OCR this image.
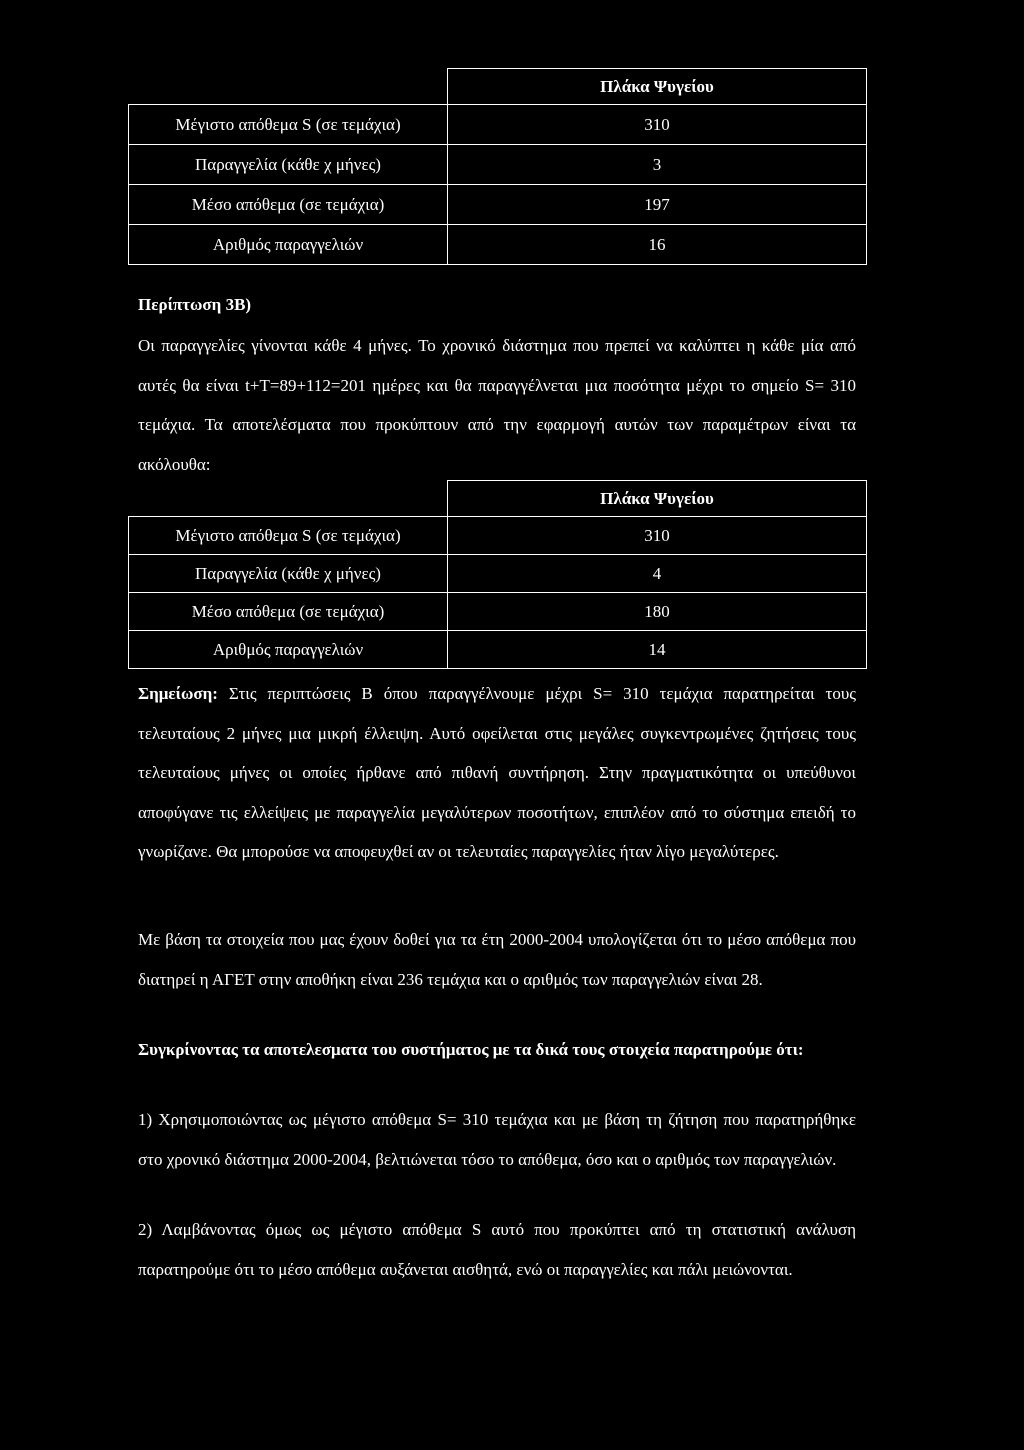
	Πλάκα Ψυγείου
Μέγιστο απόθεμα S (σε τεμάχια)	310
Παραγγελία (κάθε χ μήνες)	3
Μέσο απόθεμα (σε τεμάχια)	197
Αριθμός παραγγελιών	16

Περίπτωση 3Β)

Οι παραγγελίες γίνονται κάθε 4 μήνες. Το χρονικό διάστημα που πρεπεί να καλύπτει η κάθε μία από αυτές θα είναι t+T=89+112=201 ημέρες και θα παραγγέλνεται μια ποσότητα μέχρι το σημείο S= 310 τεμάχια. Τα αποτελέσματα που προκύπτουν από την εφαρμογή αυτών των παραμέτρων είναι τα ακόλουθα:

	Πλάκα Ψυγείου
Μέγιστο απόθεμα S (σε τεμάχια)	310
Παραγγελία (κάθε χ μήνες)	4
Μέσο απόθεμα (σε τεμάχια)	180
Αριθμός παραγγελιών	14

Σημείωση: Στις περιπτώσεις Β όπου παραγγέλνουμε μέχρι S= 310 τεμάχια παρατηρείται τους τελευταίους 2 μήνες μια μικρή έλλειψη. Αυτό οφείλεται στις μεγάλες συγκεντρωμένες ζητήσεις τους τελευταίους μήνες οι οποίες ήρθανε από πιθανή συντήρηση. Στην πραγματικότητα οι υπεύθυνοι αποφύγανε τις ελλείψεις με παραγγελία μεγαλύτερων ποσοτήτων, επιπλέον από το σύστημα επειδή το γνωρίζανε. Θα μπορούσε να αποφευχθεί αν οι τελευταίες παραγγελίες ήταν λίγο μεγαλύτερες.

Με βάση τα στοιχεία που μας έχουν δοθεί για τα έτη 2000-2004 υπολογίζεται ότι το μέσο απόθεμα που διατηρεί η ΑΓΕΤ στην αποθήκη είναι 236 τεμάχια και ο αριθμός των παραγγελιών είναι 28.

Συγκρίνοντας τα αποτελεσματα του συστήματος με τα δικά τους στοιχεία παρατηρούμε ότι:

1) Χρησιμοποιώντας ως μέγιστο απόθεμα S= 310 τεμάχια και με βάση τη ζήτηση που παρατηρήθηκε στο χρονικό διάστημα 2000-2004, βελτιώνεται τόσο το απόθεμα, όσο και ο αριθμός των παραγγελιών.

2) Λαμβάνοντας όμως ως μέγιστο απόθεμα S αυτό που προκύπτει από τη στατιστική ανάλυση παρατηρούμε ότι το μέσο απόθεμα αυξάνεται αισθητά, ενώ οι παραγγελίες και πάλι μειώνονται.
